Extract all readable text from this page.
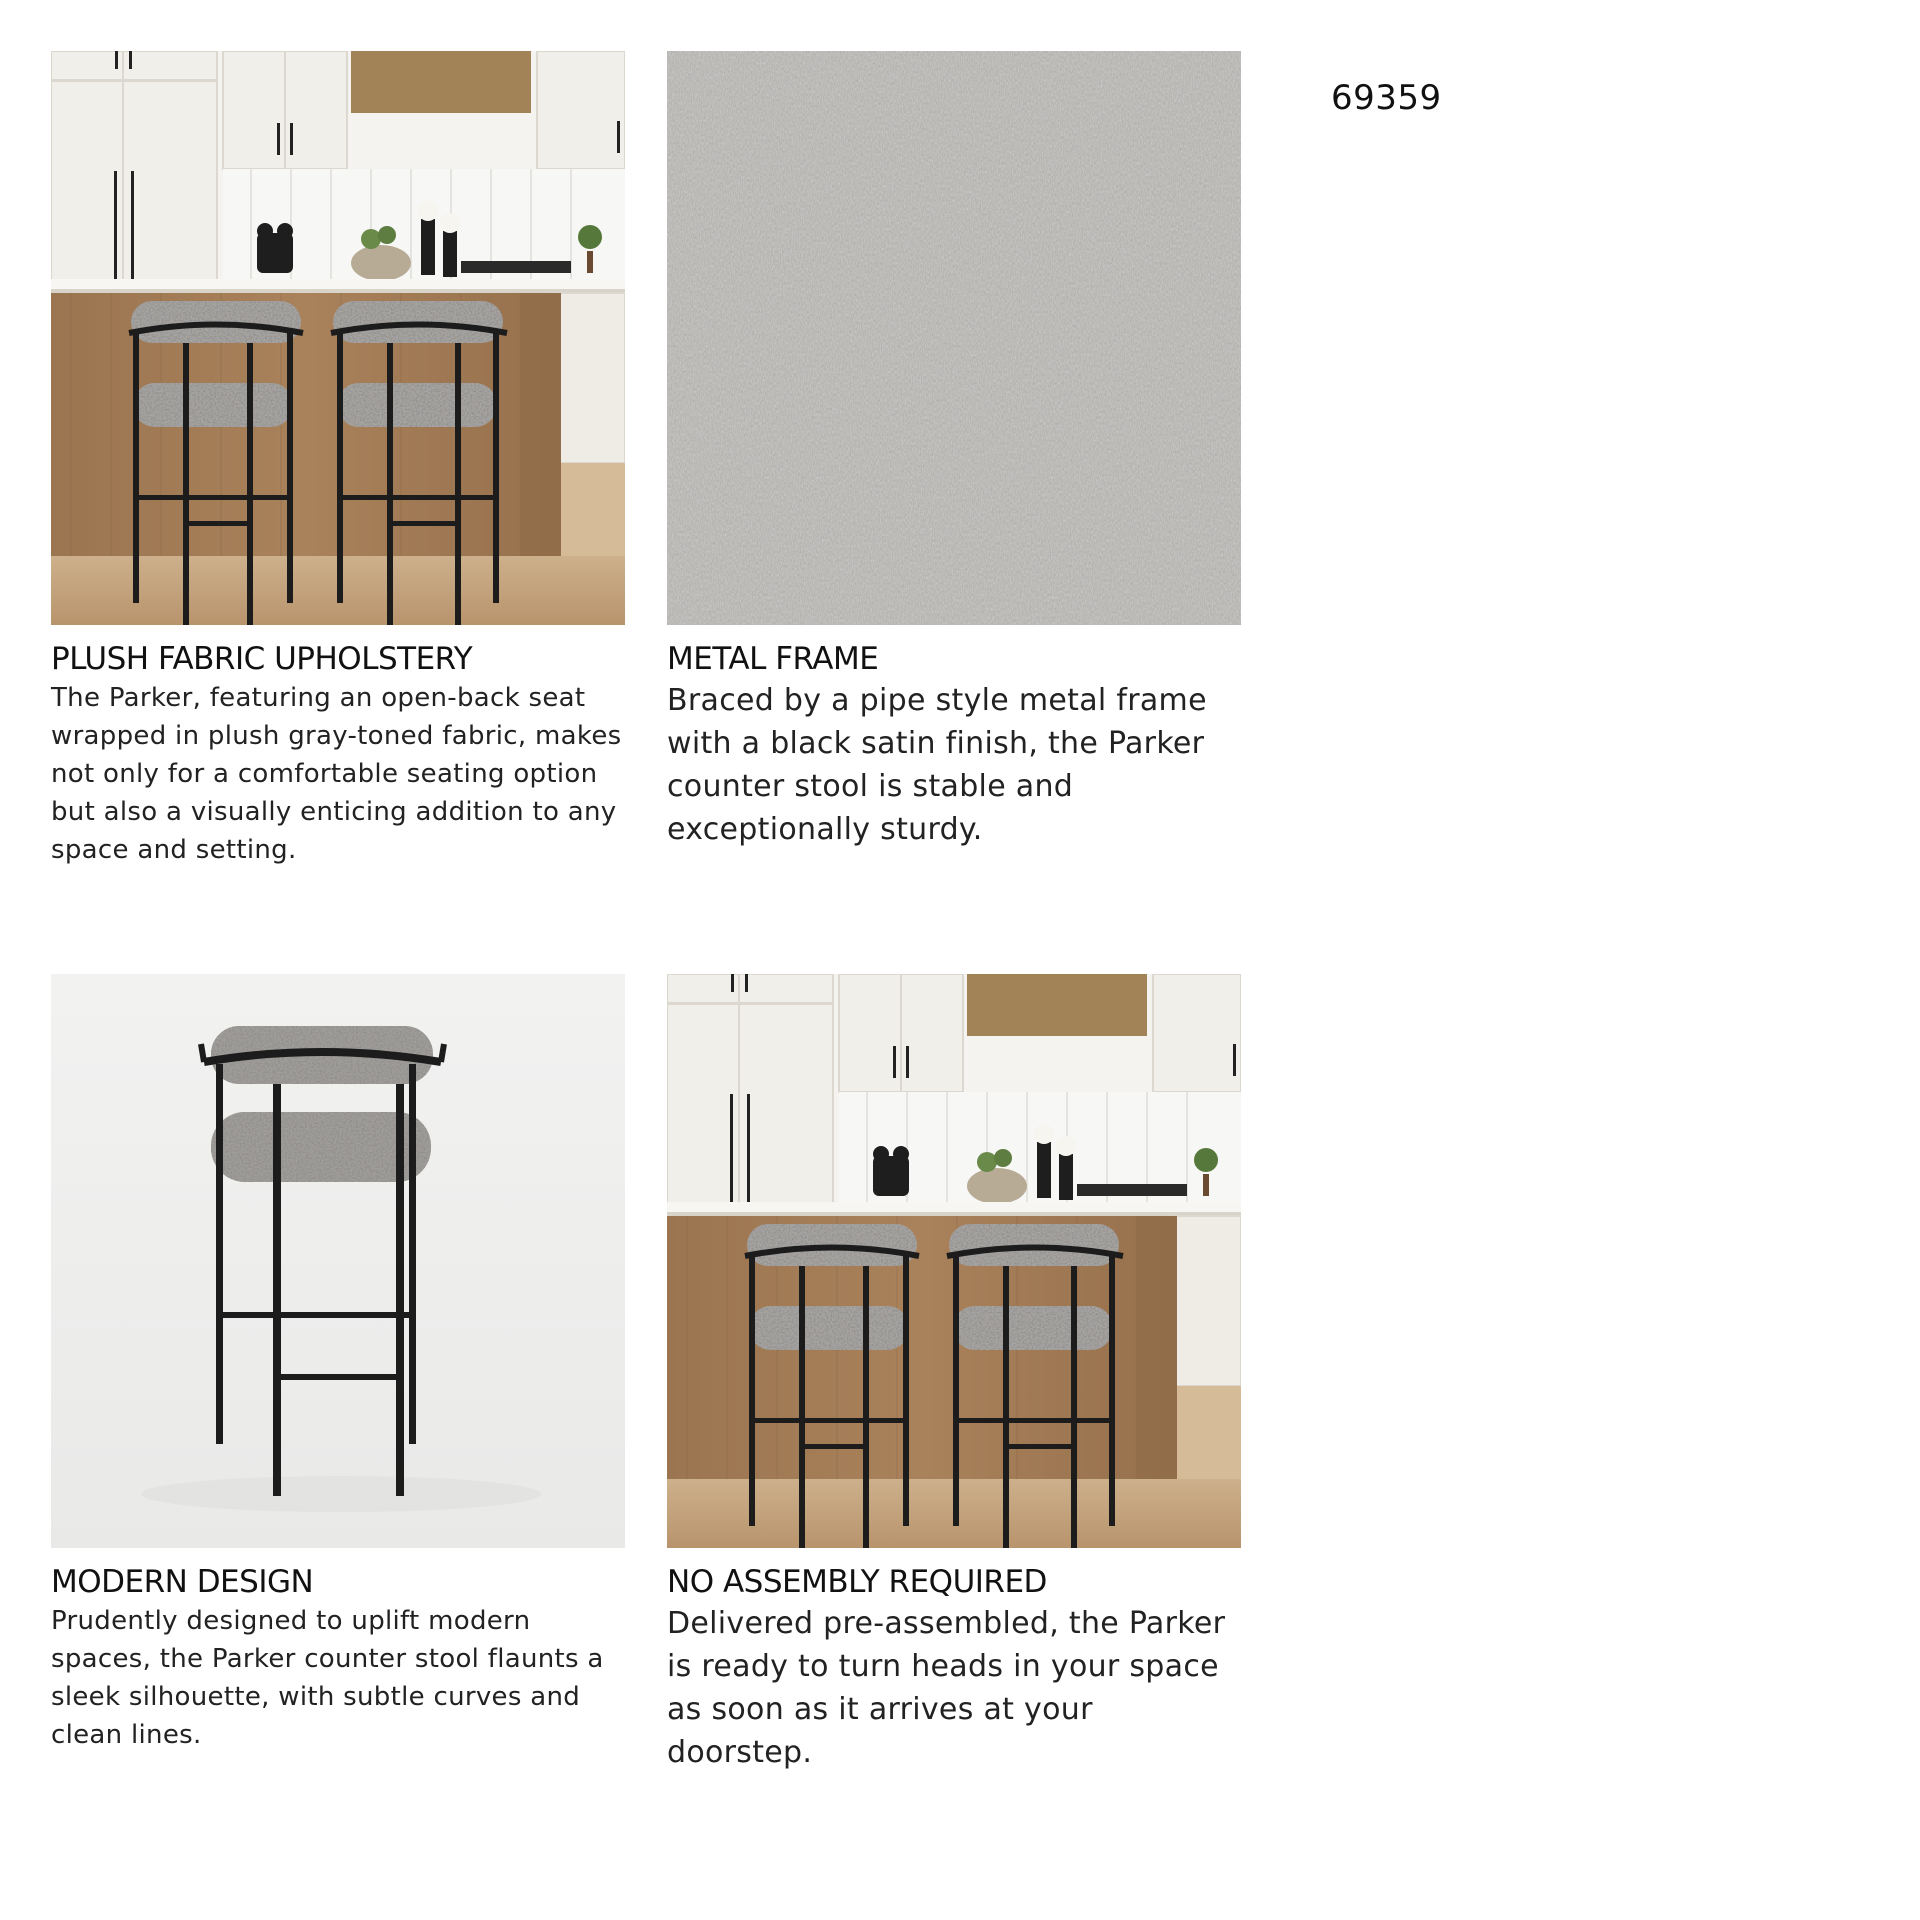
69359
PLUSH FABRIC UPHOLSTERY

The Parker, featuring an open-back seat wrapped in plush gray-toned fabric, makes not only for a comfortable seating option but also a visually enticing addition to any space and setting.

METAL FRAME

Braced by a pipe style metal frame with a black satin finish, the Parker counter stool is stable and exceptionally sturdy.

MODERN DESIGN

Prudently designed to uplift modern spaces, the Parker counter stool flaunts a sleek silhouette, with subtle curves and clean lines.

NO ASSEMBLY REQUIRED

Delivered pre-assembled, the Parker is ready to turn heads in your space as soon as it arrives at your doorstep.
